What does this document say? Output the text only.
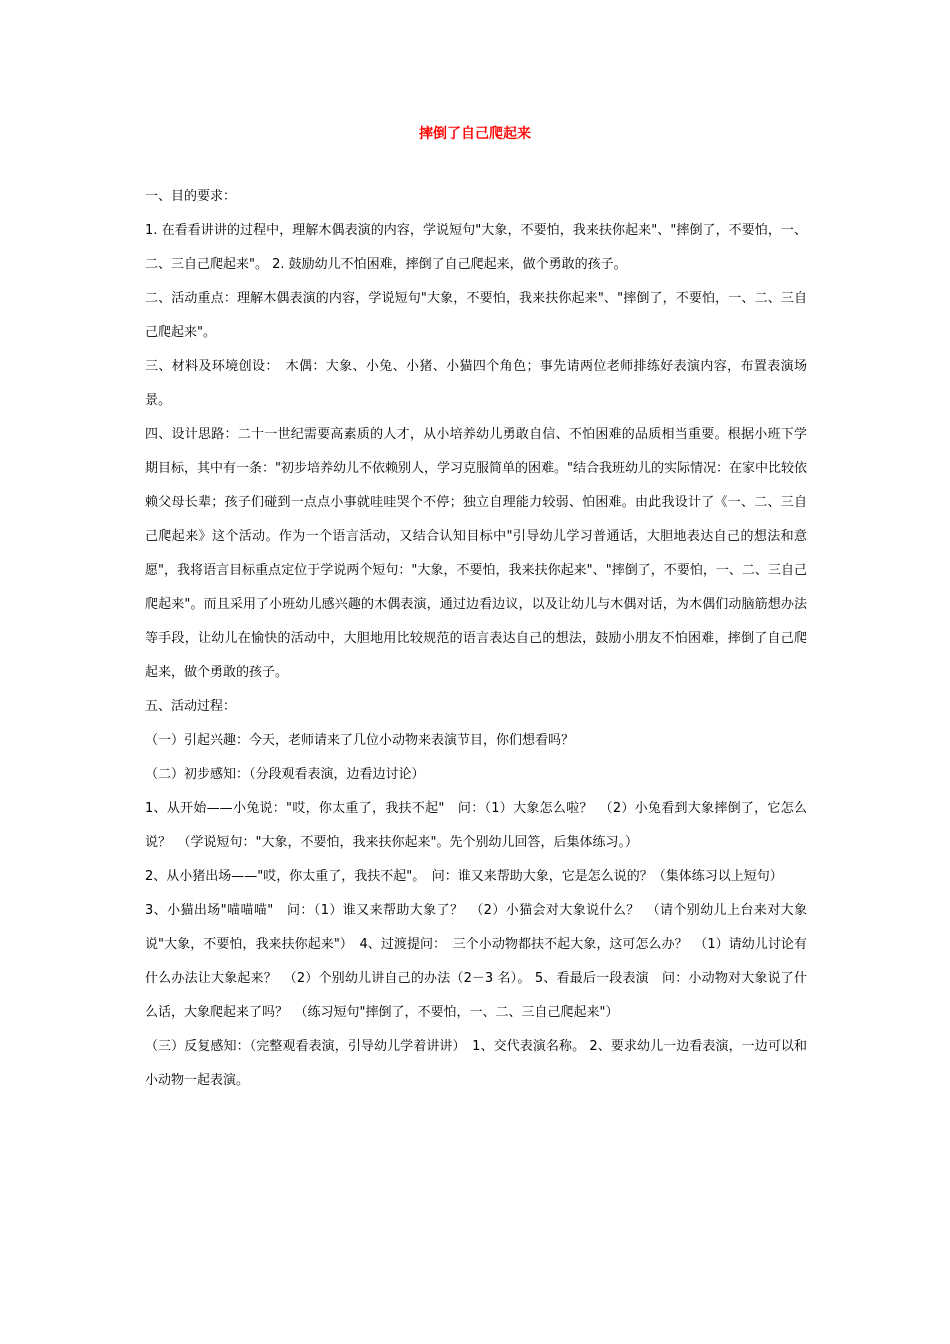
摔倒了自己爬起来

一、目的要求：

1. 在看看讲讲的过程中，理解木偶表演的内容，学说短句"大象，不要怕，我来扶你起来"、"摔倒了，不要怕，一、二、三自己爬起来"。 2. 鼓励幼儿不怕困难，摔倒了自己爬起来，做个勇敢的孩子。

二、活动重点：理解木偶表演的内容，学说短句"大象，不要怕，我来扶你起来"、"摔倒了，不要怕，一、二、三自己爬起来"。

三、材料及环境创设：　木偶：大象、小兔、小猪、小猫四个角色；事先请两位老师排练好表演内容，布置表演场景。

四、设计思路：二十一世纪需要高素质的人才，从小培养幼儿勇敢自信、不怕困难的品质相当重要。根据小班下学期目标，其中有一条："初步培养幼儿不依赖别人，学习克服简单的困难。"结合我班幼儿的实际情况：在家中比较依赖父母长辈；孩子们碰到一点点小事就哇哇哭个不停；独立自理能力较弱、怕困难。由此我设计了《一、二、三自己爬起来》这个活动。作为一个语言活动，又结合认知目标中"引导幼儿学习普通话，大胆地表达自己的想法和意愿"，我将语言目标重点定位于学说两个短句："大象，不要怕，我来扶你起来"、"摔倒了，不要怕，一、二、三自己爬起来"。而且采用了小班幼儿感兴趣的木偶表演，通过边看边议，以及让幼儿与木偶对话，为木偶们动脑筋想办法等手段，让幼儿在愉快的活动中，大胆地用比较规范的语言表达自己的想法，鼓励小朋友不怕困难，摔倒了自己爬起来，做个勇敢的孩子。

五、活动过程：

（一）引起兴趣：今天，老师请来了几位小动物来表演节目，你们想看吗？

（二）初步感知：（分段观看表演，边看边讨论）

1、从开始——小兔说："哎，你太重了，我扶不起"　问：（1）大象怎么啦？　（2）小兔看到大象摔倒了，它怎么说？　（学说短句："大象，不要怕，我来扶你起来"。先个别幼儿回答，后集体练习。）

2、从小猪出场——"哎，你太重了，我扶不起"。　问：谁又来帮助大象，它是怎么说的？（集体练习以上短句）

3、小猫出场"喵喵喵"　问：（1）谁又来帮助大象了？　（2）小猫会对大象说什么？　（请个别幼儿上台来对大象说"大象，不要怕，我来扶你起来"）　4、过渡提问：　三个小动物都扶不起大象，这可怎么办？　（1）请幼儿讨论有什么办法让大象起来？　（2）个别幼儿讲自己的办法（2－3 名）。 5、看最后一段表演　问：小动物对大象说了什么话，大象爬起来了吗？　（练习短句"摔倒了，不要怕，一、二、三自己爬起来"）

（三）反复感知：（完整观看表演，引导幼儿学着讲讲）　1、交代表演名称。 2、要求幼儿一边看表演，一边可以和小动物一起表演。
